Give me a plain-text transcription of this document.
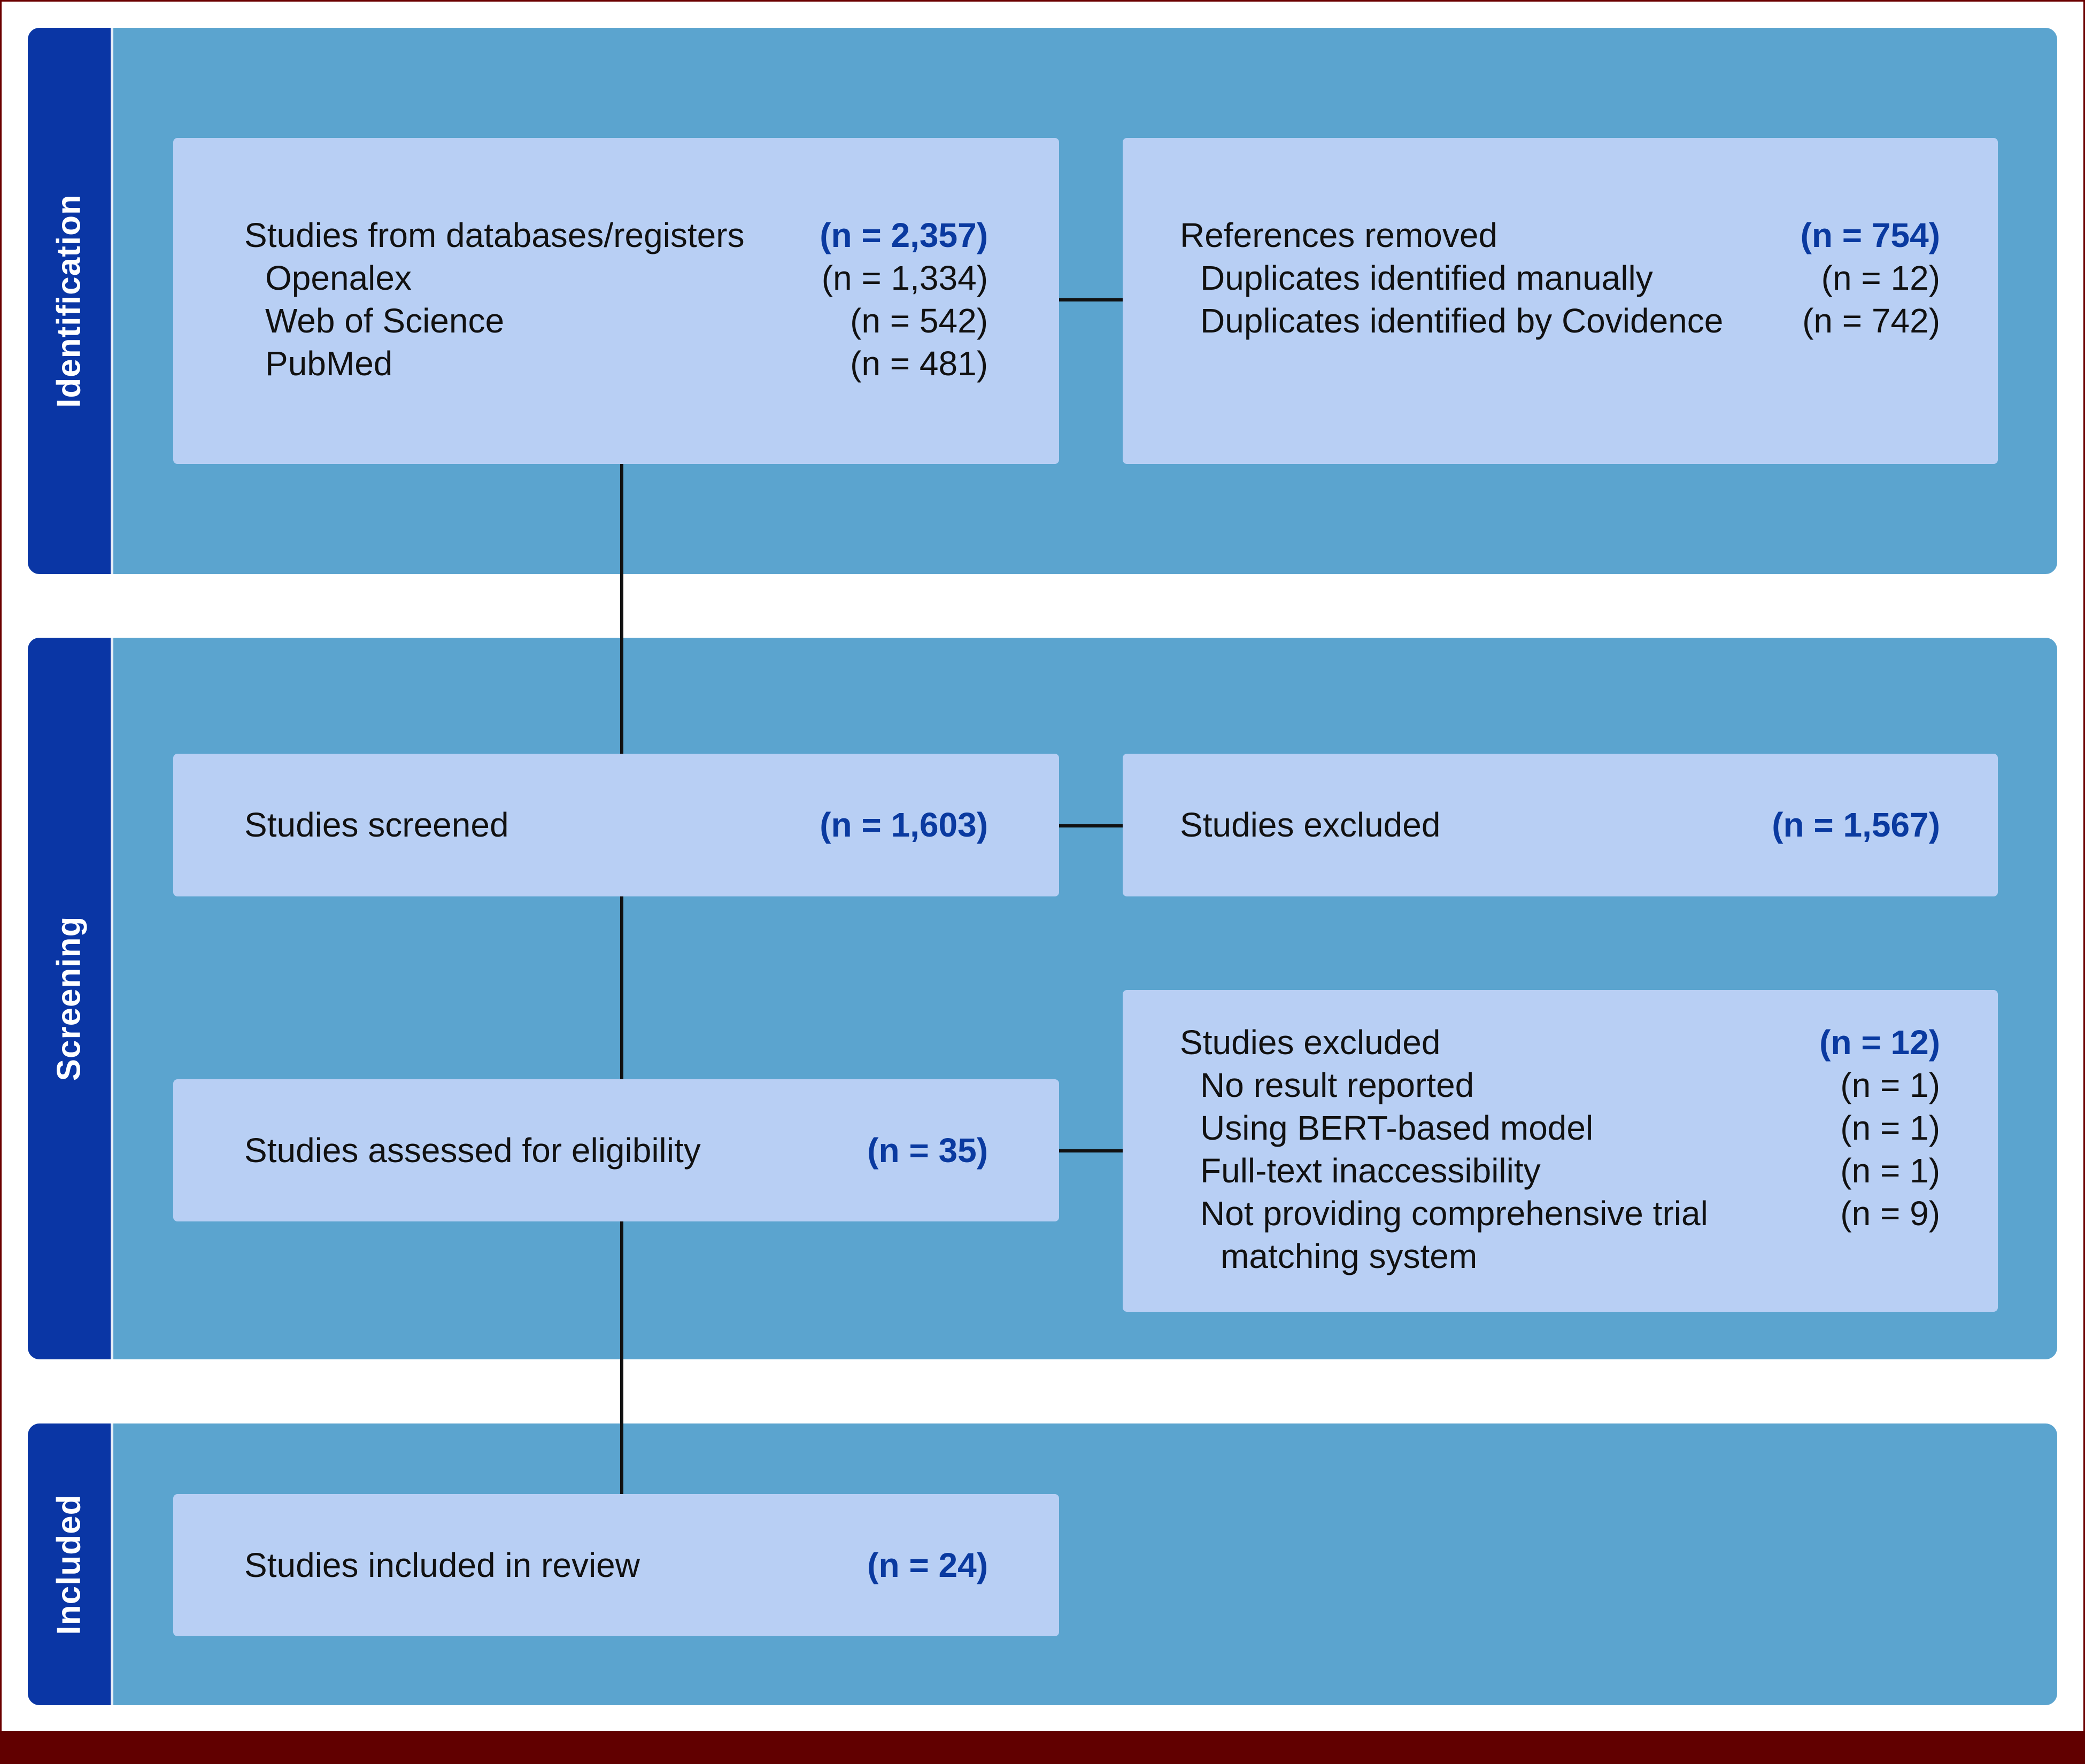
Identification
Screening
Included
Studies from databases/registers (n = 2,357)
Openalex	(n = 1,334)
Web of Science	(n = 542)
PubMed	(n = 481)
References removed	(n = 754)
Duplicates identified manually	(n = 12)
Duplicates identified by Covidence (n = 742)
Studies screened	(n = 1,603)	Studies excluded	(n = 1,567)
Studies assessed for eligibility	(n = 35)
Studies excluded	(n = 12)
No result reported	(n = 1)
Using BERT-based model	(n = 1)
Full-text inaccessibility	(n = 1)
Not providing comprehensive trial	(n = 9)
matching system
Studies included in review	(n = 24)
